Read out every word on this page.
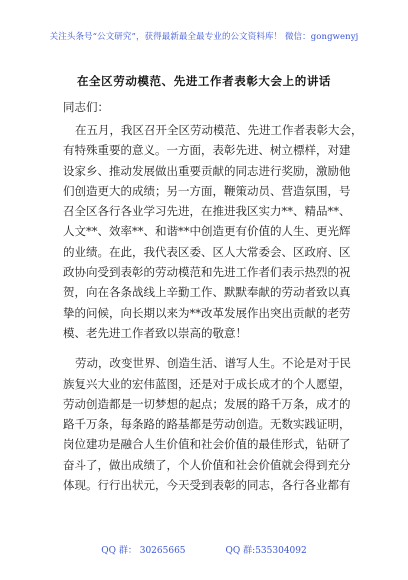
关注头条号“公文研究”，获得最新最全最专业的公文资料库！ 微信：gongwenyj
在全区劳动模范、先进工作者表彰大会上的讲话
同志们：
在五月，我区召开全区劳动模范、先进工作者表彰大会，
有特殊重要的意义。一方面，表彰先进、树立標样，对建
设家乡、推动发展做出重要贡献的同志进行奖励，激励他
们创造更大的成绩；另一方面，鞭策动员、营造氛围，号
召全区各行各业学习先进，在推进我区实力**、精品**、
人文**、效率**、和谐**中创造更有价值的人生、更光辉
的业绩。在此，我代表区委、区人大常委会、区政府、区
政协向受到表彰的劳动模范和先进工作者们表示热烈的祝
贺，向在各条战线上辛勤工作、默默奉献的劳动者致以真
挚的问候，向长期以来为**改革发展作出突出贡献的老劳
模、老先进工作者致以崇高的敬意！
劳动，改变世界、创造生活、谱写人生。不论是对于民
族复兴大业的宏伟蓝图，还是对于成长成才的个人愿望，
劳动创造都是一切梦想的起点；发展的路千万条，成才的
路千万条，每条路的路基都是劳动创造。无数实践证明，
岗位建功是融合人生价值和社会价值的最佳形式，钻研了
奋斗了，做出成绩了，个人价值和社会价值就会得到充分
体现。行行出状元，今天受到表彰的同志，各行各业都有
QQ 群： 30265665	QQ 群:535304092
